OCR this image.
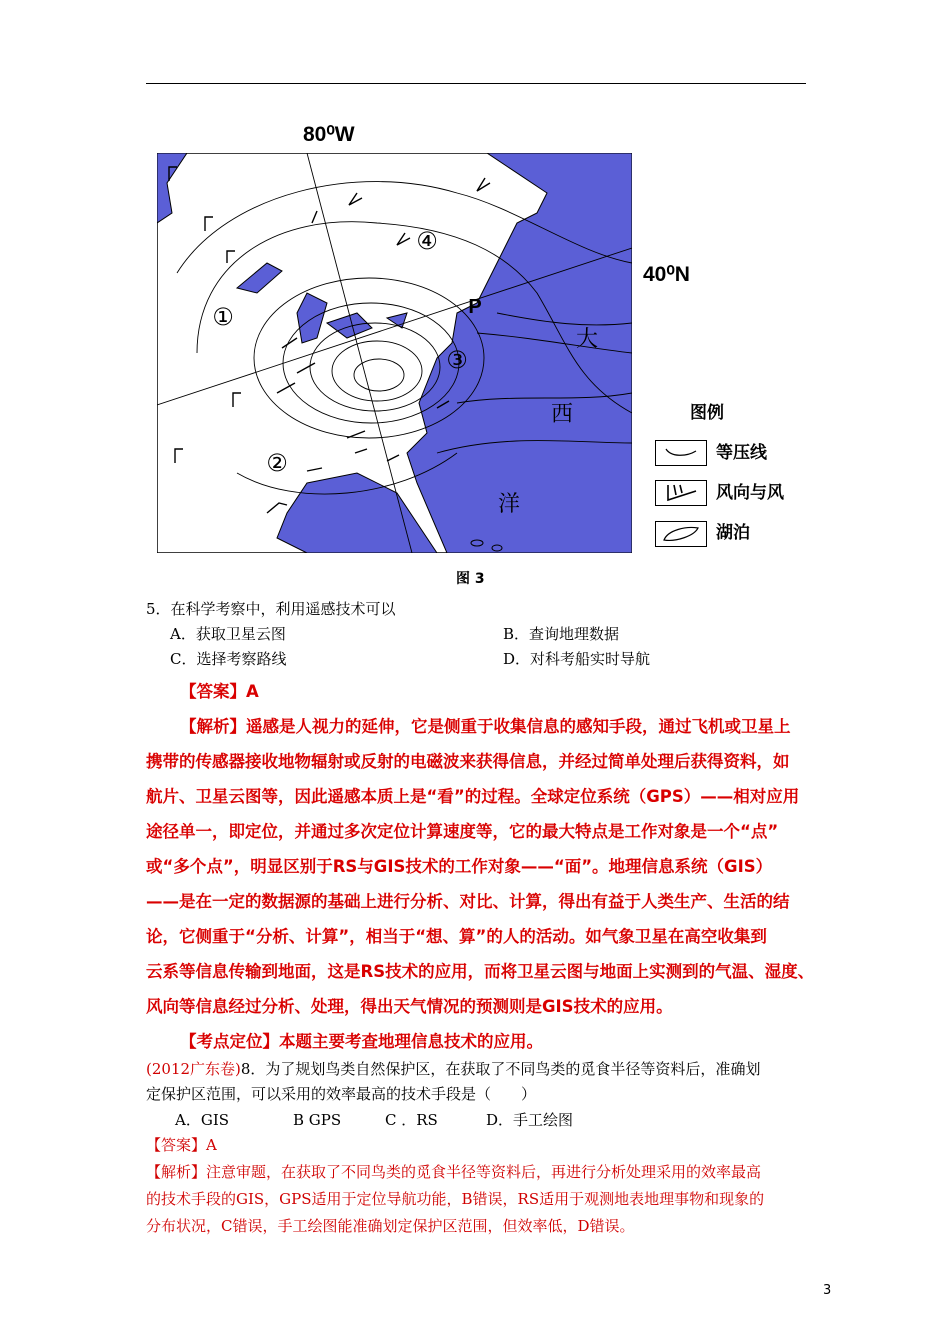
80⁰W
40⁰N
大
西
洋
①
②
③
④
P
图例
等压线
风向与风
湖泊
图 3
5．在科学考察中，利用遥感技术可以
A．获取卫星云图	B．查询地理数据
C．选择考察路线	D．对科考船实时导航
【答案】A
【解析】遥感是人视力的延伸，它是侧重于收集信息的感知手段，通过飞机或卫星上
携带的传感器接收地物辐射或反射的电磁波来获得信息，并经过简单处理后获得资料，如
航片、卫星云图等，因此遥感本质上是“看”的过程。全球定位系统（GPS）——相对应用
途径单一，即定位，并通过多次定位计算速度等，它的最大特点是工作对象是一个“点”
或“多个点”，明显区别于RS与GIS技术的工作对象——“面”。地理信息系统（GIS）
——是在一定的数据源的基础上进行分析、对比、计算，得出有益于人类生产、生活的结
论，它侧重于“分析、计算”，相当于“想、算”的人的活动。如气象卫星在高空收集到
云系等信息传输到地面，这是RS技术的应用，而将卫星云图与地面上实测到的气温、湿度、
风向等信息经过分析、处理，得出天气情况的预测则是GIS技术的应用。
【考点定位】本题主要考查地理信息技术的应用。
(2012广东卷)8．为了规划鸟类自然保护区，在获取了不同鸟类的觅食半径等资料后，准确划
定保护区范围，可以采用的效率最高的技术手段是（　　）
A．GIS	B GPS	C ．RS	D．手工绘图
【答案】A
【解析】注意审题，在获取了不同鸟类的觅食半径等资料后，再进行分析处理采用的效率最高
的技术手段的GIS，GPS适用于定位导航功能，B错误，RS适用于观测地表地理事物和现象的
分布状况，C错误，手工绘图能准确划定保护区范围，但效率低，D错误。
3
